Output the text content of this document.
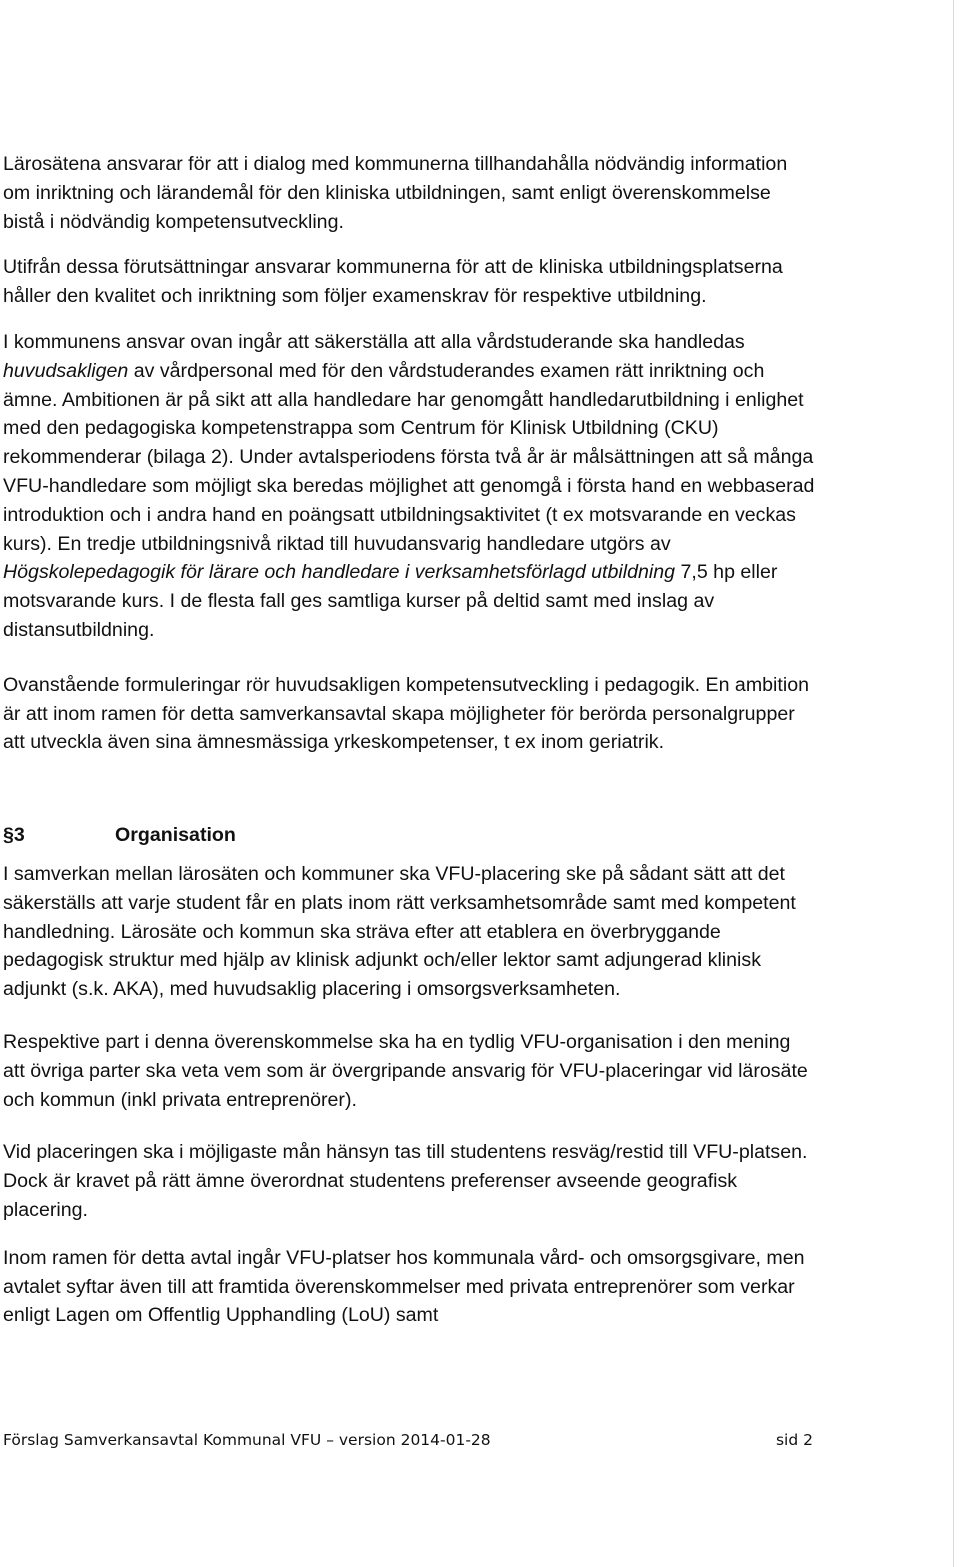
Lärosätena ansvarar för att i dialog med kommunerna tillhandahålla nödvändig information om inriktning och lärandemål för den kliniska utbildningen, samt enligt överenskommelse bistå i nödvändig kompetensutveckling.

Utifrån dessa förutsättningar ansvarar kommunerna för att de kliniska utbildningsplatserna håller den kvalitet och inriktning som följer examenskrav för respektive utbildning.

I kommunens ansvar ovan ingår att säkerställa att alla vårdstuderande ska handledas huvudsakligen av vårdpersonal med för den vårdstuderandes examen rätt inriktning och ämne. Ambitionen är på sikt att alla handledare har genomgått handledarutbildning i enlighet med den pedagogiska kompetenstrappa som Centrum för Klinisk Utbildning (CKU) rekommenderar (bilaga 2). Under avtalsperiodens första två år är målsättningen att så många VFU-handledare som möjligt ska beredas möjlighet att genomgå i första hand en webbaserad introduktion och i andra hand en poängsatt utbildningsaktivitet (t ex motsvarande en veckas kurs). En tredje utbildningsnivå riktad till huvudansvarig handledare utgörs av Högskolepedagogik för lärare och handledare i verksamhetsförlagd utbildning 7,5 hp eller motsvarande kurs. I de flesta fall ges samtliga kurser på deltid samt med inslag av distansutbildning.

Ovanstående formuleringar rör huvudsakligen kompetensutveckling i pedagogik. En ambition är att inom ramen för detta samverkansavtal skapa möjligheter för berörda personalgrupper att utveckla även sina ämnesmässiga yrkeskompetenser, t ex inom geriatrik.

§3	Organisation

I samverkan mellan lärosäten och kommuner ska VFU-placering ske på sådant sätt att det säkerställs att varje student får en plats inom rätt verksamhetsområde samt med kompetent handledning. Lärosäte och kommun ska sträva efter att etablera en överbryggande pedagogisk struktur med hjälp av klinisk adjunkt och/eller lektor samt adjungerad klinisk adjunkt (s.k. AKA), med huvudsaklig placering i omsorgsverksamheten.

Respektive part i denna överenskommelse ska ha en tydlig VFU-organisation i den mening att övriga parter ska veta vem som är övergripande ansvarig för VFU-placeringar vid lärosäte och kommun (inkl privata entreprenörer).

Vid placeringen ska i möjligaste mån hänsyn tas till studentens resväg/restid till VFU-platsen. Dock är kravet på rätt ämne överordnat studentens preferenser avseende geografisk placering.

Inom ramen för detta avtal ingår VFU-platser hos kommunala vård- och omsorgsgivare, men avtalet syftar även till att framtida överenskommelser med privata entreprenörer som verkar enligt Lagen om Offentlig Upphandling (LoU) samt

Förslag Samverkansavtal Kommunal VFU – version 2014-01-28	sid 2
